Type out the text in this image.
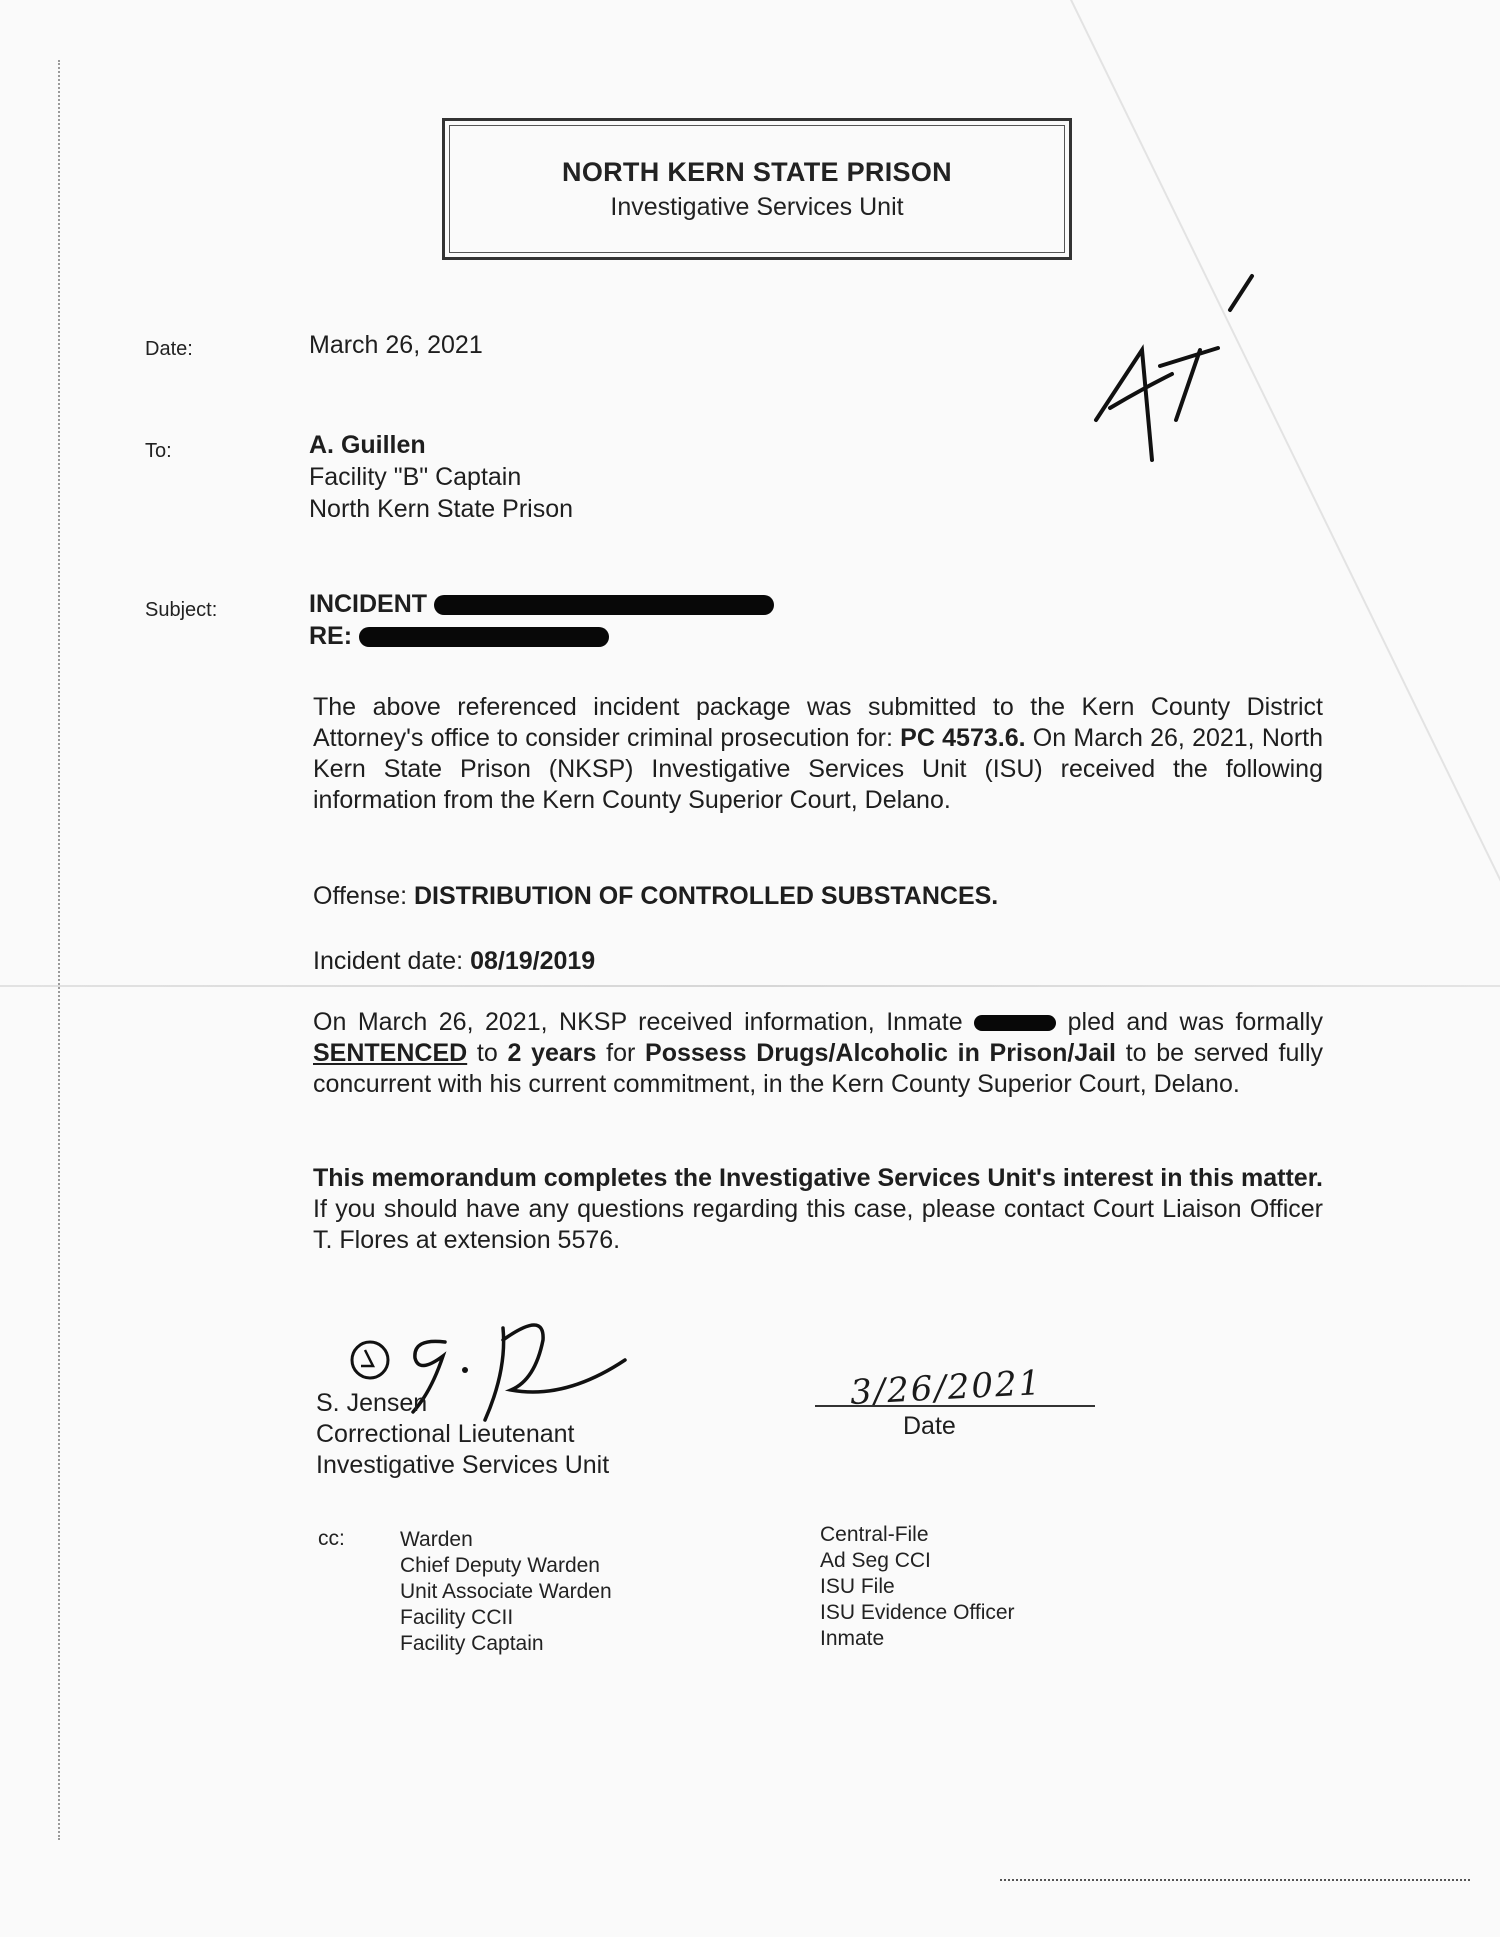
NORTH KERN STATE PRISON
Investigative Services Unit
Date:	March 26, 2021
To:	A. Guillen
Facility "B" Captain
North Kern State Prison
Subject:	INCIDENT
RE:
The above referenced incident package was submitted to the Kern County District Attorney's office to consider criminal prosecution for: PC 4573.6. On March 26, 2021, North Kern State Prison (NKSP) Investigative Services Unit (ISU) received the following information from the Kern County Superior Court, Delano.
Offense: DISTRIBUTION OF CONTROLLED SUBSTANCES.
Incident date: 08/19/2019
On March 26, 2021, NKSP received information, Inmate	pled and was formally SENTENCED to 2 years for Possess Drugs/Alcoholic in Prison/Jail to be served fully concurrent with his current commitment, in the Kern County Superior Court, Delano.
This memorandum completes the Investigative Services Unit's interest in this matter. If you should have any questions regarding this case, please contact Court Liaison Officer T. Flores at extension 5576.
S. Jensen
Correctional Lieutenant
Investigative Services Unit
3/26/2021
Date
cc:	Warden
Chief Deputy Warden
Unit Associate Warden
Facility CCII
Facility Captain
Central-File
Ad Seg CCI
ISU File
ISU Evidence Officer
Inmate
